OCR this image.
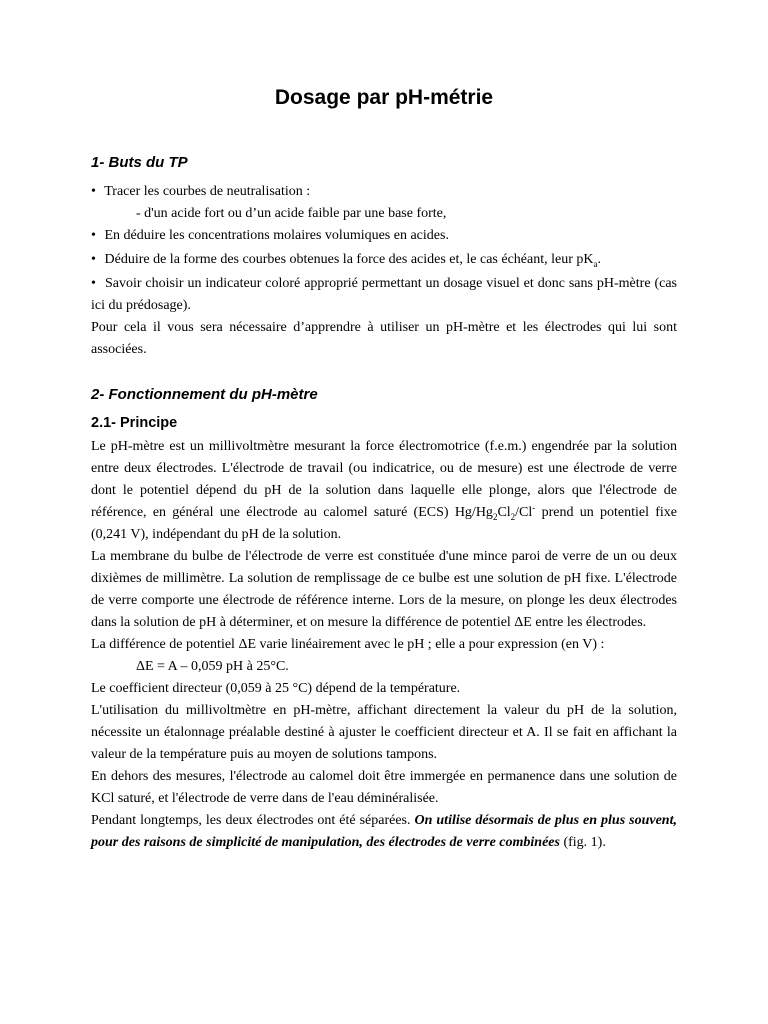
Dosage par pH-métrie
1- Buts du TP

• Tracer les courbes de neutralisation :

- d'un acide fort ou d’un acide faible par une base forte,

• En déduire les concentrations molaires volumiques en acides.

• Déduire de la forme des courbes obtenues la force des acides et, le cas échéant, leur $pK_a$.

• Savoir choisir un indicateur coloré approprié permettant un dosage visuel et donc sans pH-mètre (cas ici du prédosage).

Pour cela il vous sera nécessaire d’apprendre à utiliser un pH-mètre et les électrodes qui lui sont associées.

2- Fonctionnement du pH-mètre
2.1- Principe

Le pH-mètre est un millivoltmètre mesurant la force électromotrice (f.e.m.) engendrée par la solution entre deux électrodes. L'électrode de travail (ou indicatrice, ou de mesure) est une électrode de verre dont le potentiel dépend du pH de la solution dans laquelle elle plonge, alors que l'électrode de référence, en général une électrode au calomel saturé (ECS) $Hg/Hg_2Cl_2/Cl^-$ prend un potentiel fixe (0,241 V), indépendant du pH de la solution.

La membrane du bulbe de l'électrode de verre est constituée d'une mince paroi de verre de un ou deux dixièmes de millimètre. La solution de remplissage de ce bulbe est une solution de pH fixe. L'électrode de verre comporte une électrode de référence interne. Lors de la mesure, on plonge les deux électrodes dans la solution de pH à déterminer, et on mesure la différence de potentiel ΔE entre les électrodes.

La différence de potentiel ΔE varie linéairement avec le pH ; elle a pour expression (en V) :

ΔE = A – 0,059 pH à 25°C.

Le coefficient directeur (0,059 à 25 °C) dépend de la température.

L'utilisation du millivoltmètre en pH-mètre, affichant directement la valeur du pH de la solution, nécessite un étalonnage préalable destiné à ajuster le coefficient directeur et A. Il se fait en affichant la valeur de la température puis au moyen de solutions tampons.

En dehors des mesures, l'électrode au calomel doit être immergée en permanence dans une solution de KCl saturé, et l'électrode de verre dans de l'eau déminéralisée.

Pendant longtemps, les deux électrodes ont été séparées. On utilise désormais de plus en plus souvent, pour des raisons de simplicité de manipulation, des électrodes de verre combinées (fig. 1).
